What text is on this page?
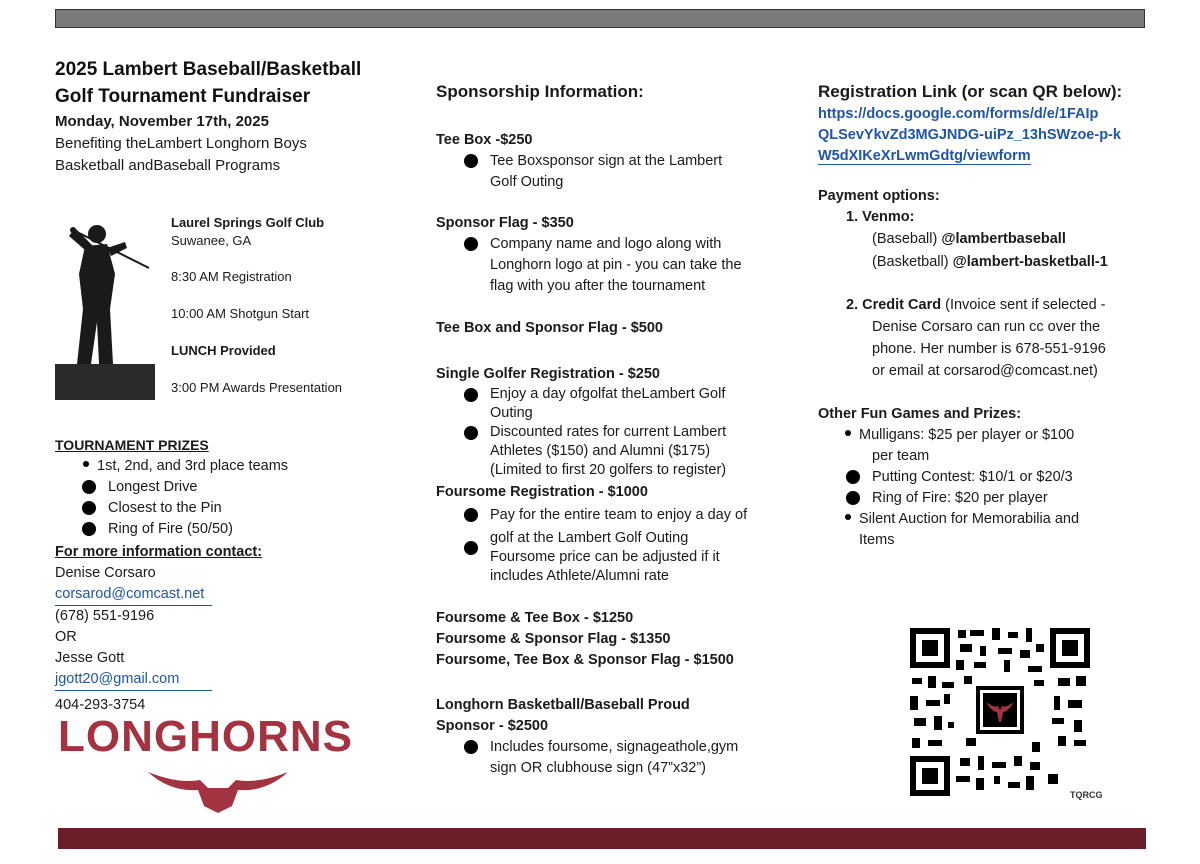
2025 Lambert Baseball/Basketball
Golf Tournament Fundraiser
Monday, November 17th, 2025
Benefiting theLambert Longhorn Boys
Basketball andBaseball Programs
Laurel Springs Golf Club
Suwanee, GA
8:30 AM Registration
10:00 AM Shotgun Start
LUNCH Provided
3:00 PM Awards Presentation
TOURNAMENT PRIZES
1st, 2nd, and 3rd place teams
Longest Drive
Closest to the Pin
Ring of Fire (50/50)
For more information contact:
Denise Corsaro
corsarod@comcast.net
(678) 551-9196
OR
Jesse Gott
jgott20@gmail.com
404-293-3754
LONGHORNS
Sponsorship Information:
Tee Box -$250
Tee Boxsponsor sign at the Lambert
Golf Outing
Sponsor Flag - $350
Company name and logo along with
Longhorn logo at pin - you can take the
flag with you after the tournament
Tee Box and Sponsor Flag - $500
Single Golfer Registration - $250
Enjoy a day ofgolfat theLambert Golf
Outing
Discounted rates for current Lambert
Athletes ($150) and Alumni ($175)
(Limited to first 20 golfers to register)
Foursome Registration - $1000
Pay for the entire team to enjoy a day of
golf at the Lambert Golf Outing
Foursome price can be adjusted if it
includes Athlete/Alumni rate
Foursome & Tee Box - $1250
Foursome & Sponsor Flag - $1350
Foursome, Tee Box & Sponsor Flag - $1500
Longhorn Basketball/Baseball Proud
Sponsor - $2500
Includes foursome, signageathole,gym
sign OR clubhouse sign (47”x32”)
Registration Link (or scan QR below):
https://docs.google.com/forms/d/e/1FAIp
QLSevYkvZd3MGJNDG-uiPz_13hSWzoe-p-k
W5dXIKeXrLwmGdtg/viewform
Payment options:
1. Venmo:
(Baseball) @lambertbaseball
(Basketball) @lambert-basketball-1
2. Credit Card (Invoice sent if selected -
Denise Corsaro can run cc over the
phone. Her number is 678-551-9196
or email at corsarod@comcast.net)
Other Fun Games and Prizes:
Mulligans: $25 per player or $100
per team
Putting Contest: $10/1 or $20/3
Ring of Fire: $20 per player
Silent Auction for Memorabilia and
Items
TQRCG
